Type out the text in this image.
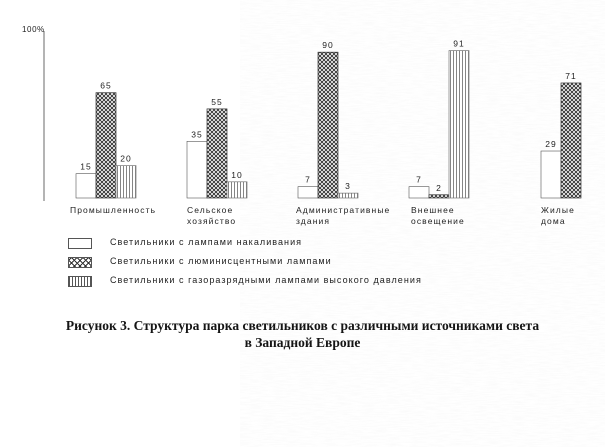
100%
15
35
7	7
29
65
55
90
2
71
20
10
3
91
Промышленность	Сельское
хозяйство
Административные
здания
Внешнее
освещение
Жилые
дома
Светильники с лампами накаливания
Светильники с люминисцентными лампами
Светильники с газоразрядными лампами высокого давления
Рисунок 3. Структура парка светильников с различными источниками света
в Западной Европе
